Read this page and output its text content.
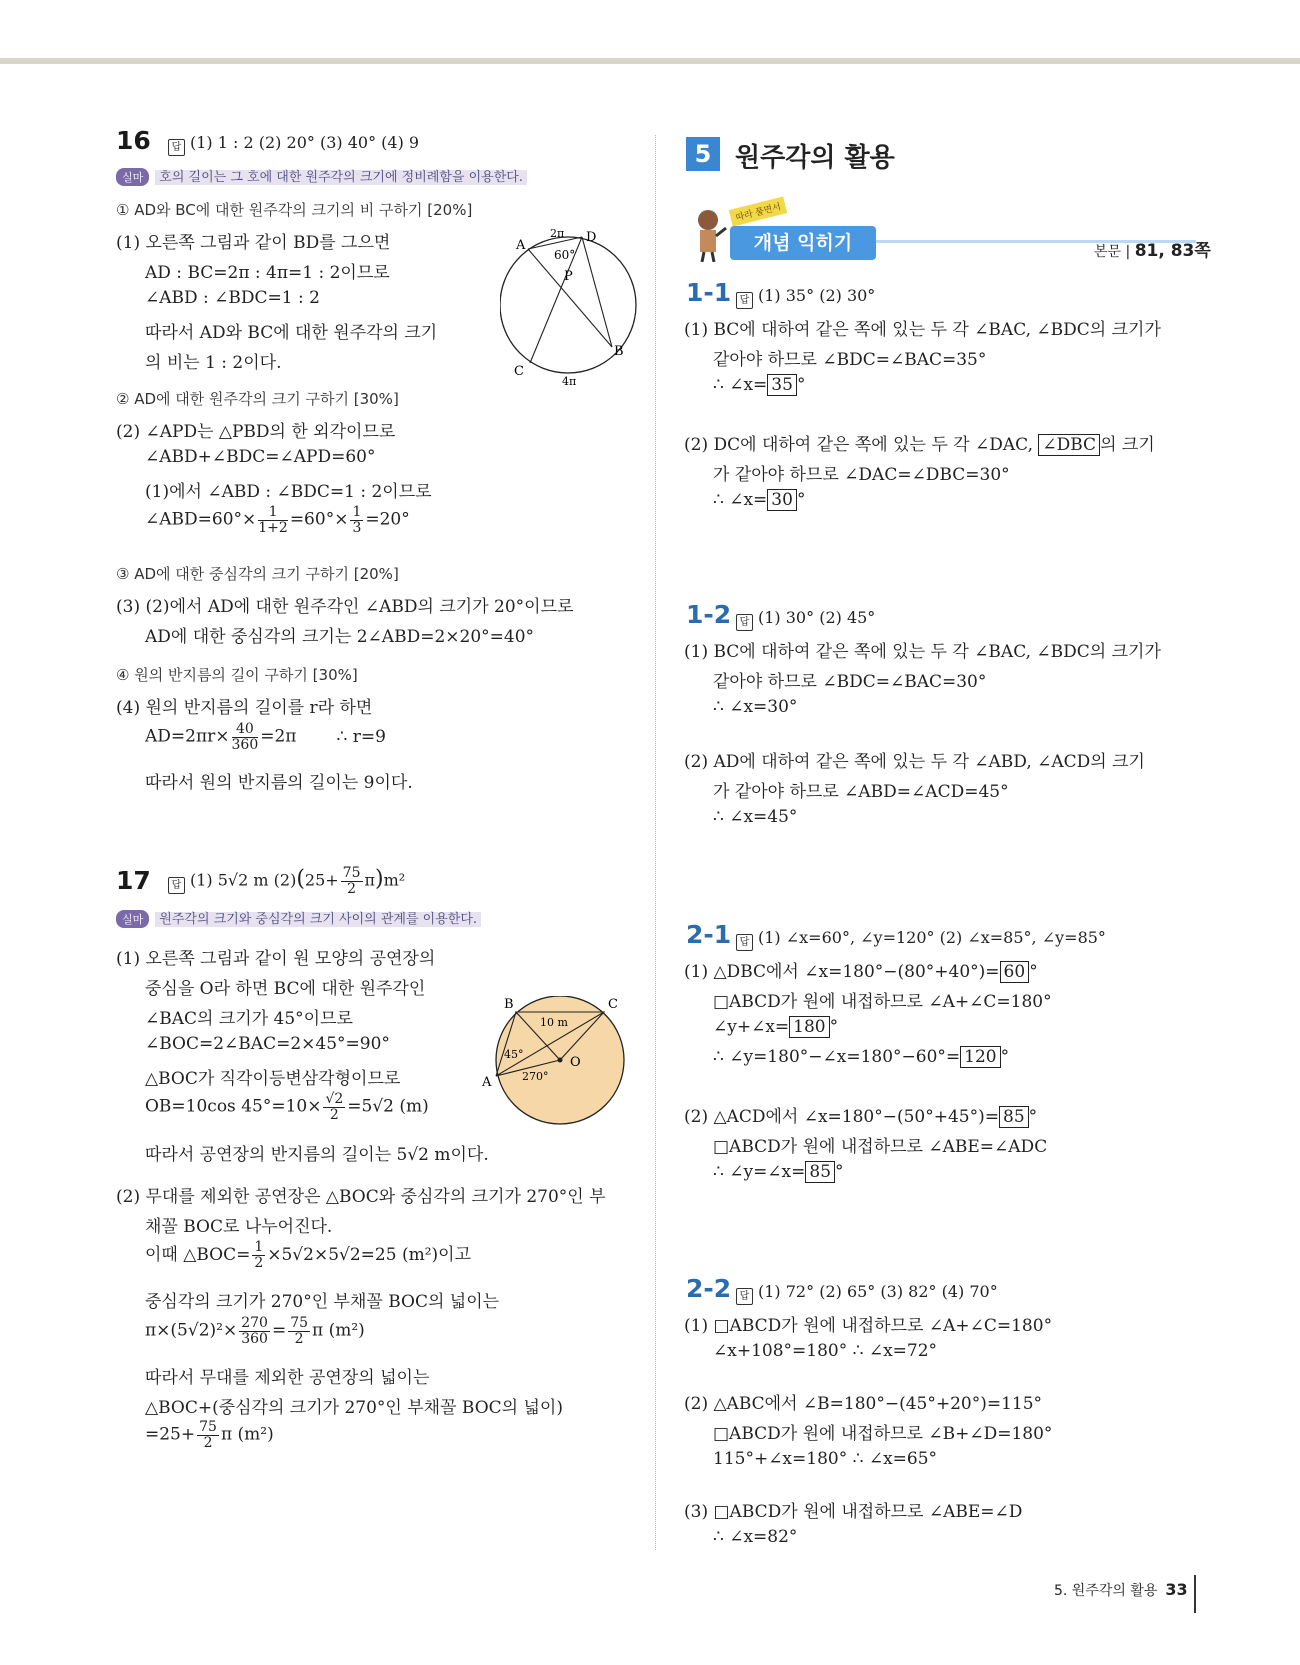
16	답 (1) 1 : 2 (2) 20° (3) 40° (4) 9
실마 호의 길이는 그 호에 대한 원주각의 크기에 정비례함을 이용한다.
① AD와 BC에 대한 원주각의 크기의 비 구하기 [20%]
(1) 오른쪽 그림과 같이 BD를 그으면
AD : BC=2π : 4π=1 : 2이므로
∠ABD : ∠BDC=1 : 2
따라서 AD와 BC에 대한 원주각의 크기
의 비는 1 : 2이다.
A
D
B
C
P
60°
2π
4π
② AD에 대한 원주각의 크기 구하기 [30%]
(2) ∠APD는 △PBD의 한 외각이므로
∠ABD+∠BDC=∠APD=60°
(1)에서 ∠ABD : ∠BDC=1 : 2이므로
∠ABD=60°× $\frac{1}{1+2} =60^\circ\times \frac{1}{3} =20^\circ$
③ AD에 대한 중심각의 크기 구하기 [20%]
(3) (2)에서 AD에 대한 원주각인 ∠ABD의 크기가 20°이므로
AD에 대한 중심각의 크기는 2∠ABD=2×20°=40°
④ 원의 반지름의 길이 구하기 [30%]
(4) 원의 반지름의 길이를 r라 하면
$AD=2\pi r\times \frac{40}{360} =2\pi$ ∴ r=9
따라서 원의 반지름의 길이는 9이다.
17	답 (1) 5√2 m $(2)(25+ \frac{75}{2} \pi)m^2$
실마 원주각의 크기와 중심각의 크기 사이의 관계를 이용한다.
(1) 오른쪽 그림과 같이 원 모양의 공연장의
중심을 O라 하면 BC에 대한 원주각인
∠BAC의 크기가 45°이므로
∠BOC=2∠BAC=2×45°=90°
△BOC가 직각이등변삼각형이므로
OB=10cos $45^\circ=10\times \frac{√2}{2} =5√2$ (m)
따라서 공연장의 반지름의 길이는 5√2 m이다.
B	C
A
O
10 m
45°
270°
(2) 무대를 제외한 공연장은 △BOC와 중심각의 크기가 270°인 부
채꼴 BOC로 나누어진다.
이때 △BOC= $\frac{1}{2} \times 5√2\times 5√2=25$ (m²)이고
중심각의 크기가 270°인 부채꼴 BOC의 넓이는
$\pi\times(5√2)^2\times \frac{270}{360} = \frac{75}{2}$ π (m²)
따라서 무대를 제외한 공연장의 넓이는
△BOC+(중심각의 크기가 270°인 부채꼴 BOC의 넓이)
$=25+ \frac{75}{2}$ π (m²)
5 원주각의 활용
따라 풀면서
개념 익히기	본문 | 81, 83쪽
1-1 답 (1) 35° (2) 30°
(1) BC에 대하여 같은 쪽에 있는 두 각 ∠BAC, ∠BDC의 크기가
같아야 하므로 ∠BDC=∠BAC=35°
∴ ∠x= 35 °
(2) DC에 대하여 같은 쪽에 있는 두 각 ∠DAC, ∠DBC 의 크기
가 같아야 하므로 ∠DAC=∠DBC=30°
∴ ∠x= 30 °
1-2 답 (1) 30° (2) 45°
(1) BC에 대하여 같은 쪽에 있는 두 각 ∠BAC, ∠BDC의 크기가
같아야 하므로 ∠BDC=∠BAC=30°
∴ ∠x=30°
(2) AD에 대하여 같은 쪽에 있는 두 각 ∠ABD, ∠ACD의 크기
가 같아야 하므로 ∠ABD=∠ACD=45°
∴ ∠x=45°
2-1 답 (1) ∠x=60°, ∠y=120° (2) ∠x=85°, ∠y=85°
(1) △DBC에서 ∠x=180°−(80°+40°)= 60 °
□ABCD가 원에 내접하므로 ∠A+∠C=180°
∠y+∠x= 180 °
∴ ∠y=180°−∠x=180°−60°= 120 °
(2) △ACD에서 ∠x=180°−(50°+45°)= 85 °
□ABCD가 원에 내접하므로 ∠ABE=∠ADC
∴ ∠y=∠x= 85 °
2-2 답 (1) 72° (2) 65° (3) 82° (4) 70°
(1) □ABCD가 원에 내접하므로 ∠A+∠C=180°
∠x+108°=180° ∴ ∠x=72°
(2) △ABC에서 ∠B=180°−(45°+20°)=115°
□ABCD가 원에 내접하므로 ∠B+∠D=180°
115°+∠x=180° ∴ ∠x=65°
(3) □ABCD가 원에 내접하므로 ∠ABE=∠D
∴ ∠x=82°
5. 원주각의 활용 33
